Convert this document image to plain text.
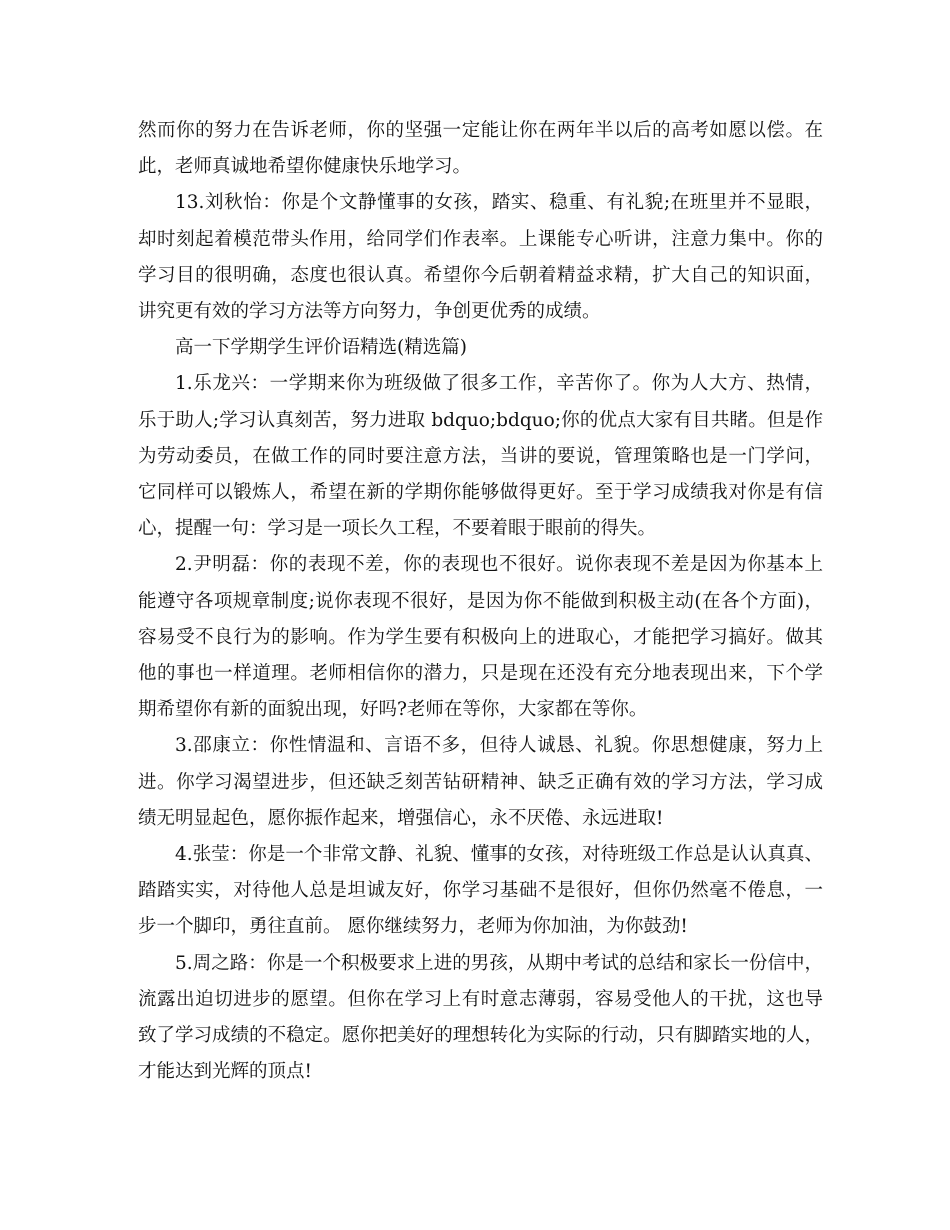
然而你的努力在告诉老师，你的坚强一定能让你在两年半以后的高考如愿以偿。在
此，老师真诚地希望你健康快乐地学习。
13.刘秋怡：你是个文静懂事的女孩，踏实、稳重、有礼貌;在班里并不显眼，
却时刻起着模范带头作用，给同学们作表率。上课能专心听讲，注意力集中。你的
学习目的很明确，态度也很认真。希望你今后朝着精益求精，扩大自己的知识面，
讲究更有效的学习方法等方向努力，争创更优秀的成绩。
高一下学期学生评价语精选(精选篇)
1.乐龙兴：一学期来你为班级做了很多工作，辛苦你了。你为人大方、热情，
乐于助人;学习认真刻苦，努力进取 bdquo;bdquo;你的优点大家有目共睹。但是作
为劳动委员，在做工作的同时要注意方法，当讲的要说，管理策略也是一门学问，
它同样可以锻炼人，希望在新的学期你能够做得更好。至于学习成绩我对你是有信
心，提醒一句：学习是一项长久工程，不要着眼于眼前的得失。
2.尹明磊：你的表现不差，你的表现也不很好。说你表现不差是因为你基本上
能遵守各项规章制度;说你表现不很好，是因为你不能做到积极主动(在各个方面)，
容易受不良行为的影响。作为学生要有积极向上的进取心，才能把学习搞好。做其
他的事也一样道理。老师相信你的潜力，只是现在还没有充分地表现出来，下个学
期希望你有新的面貌出现，好吗?老师在等你，大家都在等你。
3.邵康立：你性情温和、言语不多，但待人诚恳、礼貌。你思想健康，努力上
进。你学习渴望进步，但还缺乏刻苦钻研精神、缺乏正确有效的学习方法，学习成
绩无明显起色，愿你振作起来，增强信心，永不厌倦、永远进取!
4.张莹：你是一个非常文静、礼貌、懂事的女孩，对待班级工作总是认认真真、
踏踏实实，对待他人总是坦诚友好，你学习基础不是很好，但你仍然毫不倦息，一
步一个脚印，勇往直前。 愿你继续努力，老师为你加油，为你鼓劲!
5.周之路：你是一个积极要求上进的男孩，从期中考试的总结和家长一份信中，
流露出迫切进步的愿望。但你在学习上有时意志薄弱，容易受他人的干扰，这也导
致了学习成绩的不稳定。愿你把美好的理想转化为实际的行动，只有脚踏实地的人，
才能达到光辉的顶点!
